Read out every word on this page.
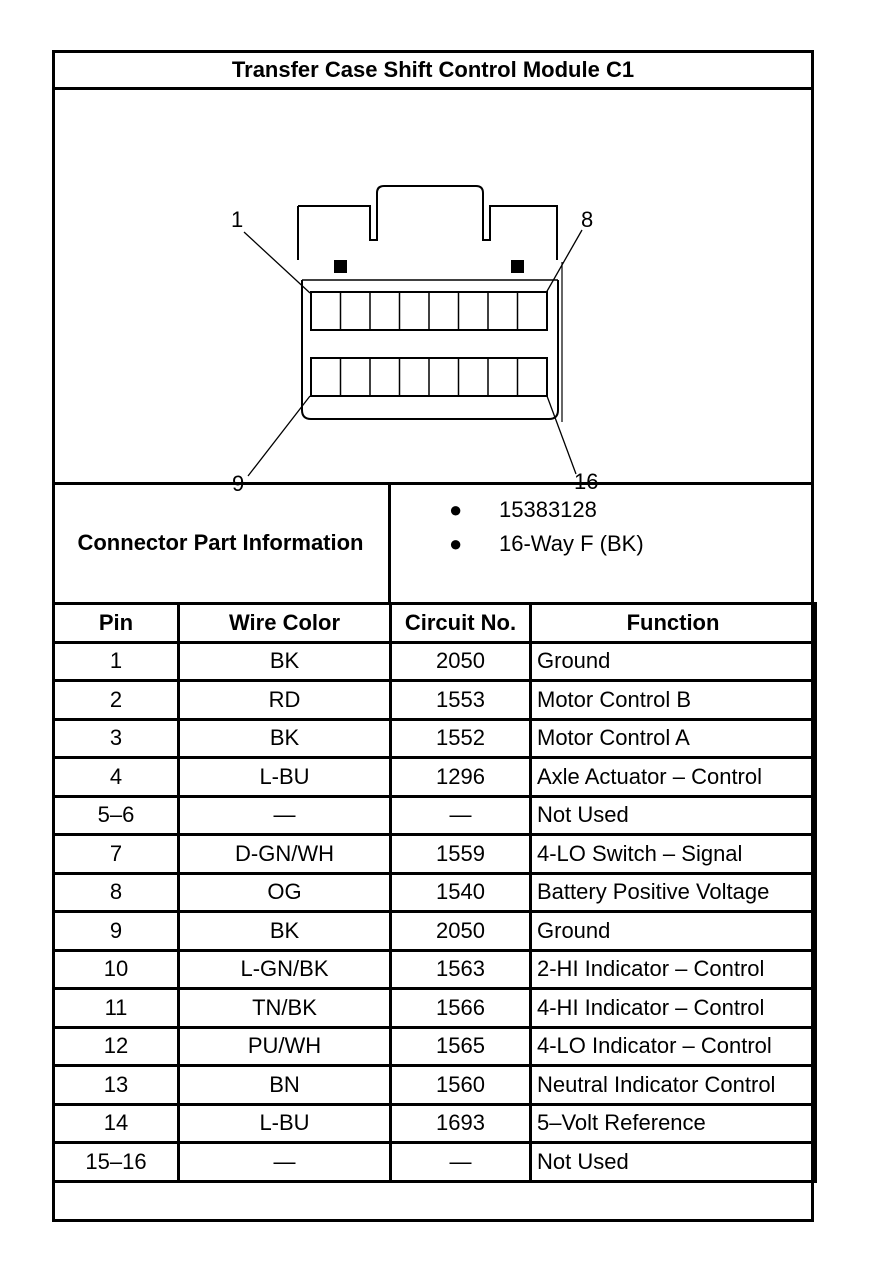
Transfer Case Shift Control Module C1
1	8
Connector Part Information
● 15383128
● 16-Way F (BK)
Pin	Wire Color	Circuit No.	Function
1	BK	2050	Ground
2	RD	1553	Motor Control B
3	BK	1552	Motor Control A
4	L-BU	1296	Axle Actuator – Control
5–6	—	—	Not Used
7	D-GN/WH	1559	4-LO Switch – Signal
8	OG	1540	Battery Positive Voltage
9	BK	2050	Ground
10	L-GN/BK	1563	2-HI Indicator – Control
11	TN/BK	1566	4-HI Indicator – Control
12	PU/WH	1565	4-LO Indicator – Control
13	BN	1560	Neutral Indicator Control
14	L-BU	1693	5–Volt Reference
15–16	—	—	Not Used
